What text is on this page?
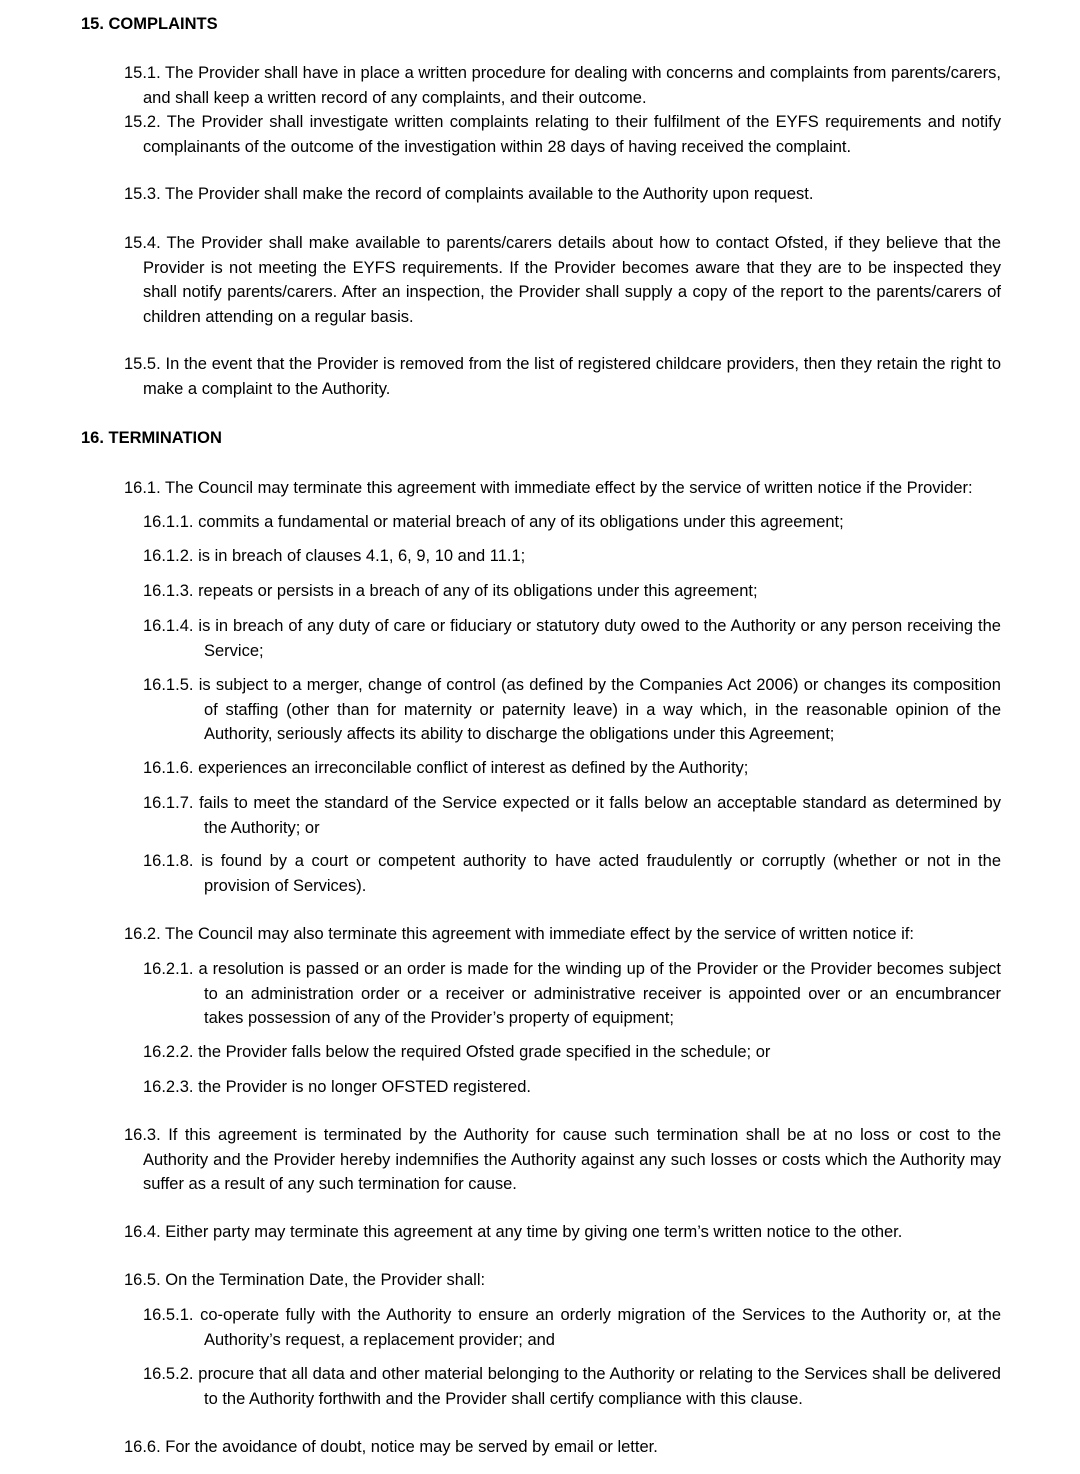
15. COMPLAINTS
15.1. The Provider shall have in place a written procedure for dealing with concerns and complaints from parents/carers, and shall keep a written record of any complaints, and their outcome.
15.2. The Provider shall investigate written complaints relating to their fulfilment of the EYFS requirements and notify complainants of the outcome of the investigation within 28 days of having received the complaint.
15.3. The Provider shall make the record of complaints available to the Authority upon request.
15.4. The Provider shall make available to parents/carers details about how to contact Ofsted, if they believe that the Provider is not meeting the EYFS requirements. If the Provider becomes aware that they are to be inspected they shall notify parents/carers. After an inspection, the Provider shall supply a copy of the report to the parents/carers of children attending on a regular basis.
15.5. In the event that the Provider is removed from the list of registered childcare providers, then they retain the right to make a complaint to the Authority.
16. TERMINATION
16.1. The Council may terminate this agreement with immediate effect by the service of written notice if the Provider:
16.1.1. commits a fundamental or material breach of any of its obligations under this agreement;
16.1.2. is in breach of clauses 4.1, 6, 9, 10 and 11.1;
16.1.3. repeats or persists in a breach of any of its obligations under this agreement;
16.1.4. is in breach of any duty of care or fiduciary or statutory duty owed to the Authority or any person receiving the Service;
16.1.5. is subject to a merger, change of control (as defined by the Companies Act 2006) or changes its composition of staffing (other than for maternity or paternity leave) in a way which, in the reasonable opinion of the Authority, seriously affects its ability to discharge the obligations under this Agreement;
16.1.6. experiences an irreconcilable conflict of interest as defined by the Authority;
16.1.7. fails to meet the standard of the Service expected or it falls below an acceptable standard as determined by the Authority; or
16.1.8. is found by a court or competent authority to have acted fraudulently or corruptly (whether or not in the provision of Services).
16.2. The Council may also terminate this agreement with immediate effect by the service of written notice if:
16.2.1. a resolution is passed or an order is made for the winding up of the Provider or the Provider becomes subject to an administration order or a receiver or administrative receiver is appointed over or an encumbrancer takes possession of any of the Provider’s property of equipment;
16.2.2. the Provider falls below the required Ofsted grade specified in the schedule; or
16.2.3. the Provider is no longer OFSTED registered.
16.3. If this agreement is terminated by the Authority for cause such termination shall be at no loss or cost to the Authority and the Provider hereby indemnifies the Authority against any such losses or costs which the Authority may suffer as a result of any such termination for cause.
16.4. Either party may terminate this agreement at any time by giving one term’s written notice to the other.
16.5. On the Termination Date, the Provider shall:
16.5.1. co-operate fully with the Authority to ensure an orderly migration of the Services to the Authority or, at the Authority’s request, a replacement provider; and
16.5.2. procure that all data and other material belonging to the Authority or relating to the Services shall be delivered to the Authority forthwith and the Provider shall certify compliance with this clause.
16.6. For the avoidance of doubt, notice may be served by email or letter.
